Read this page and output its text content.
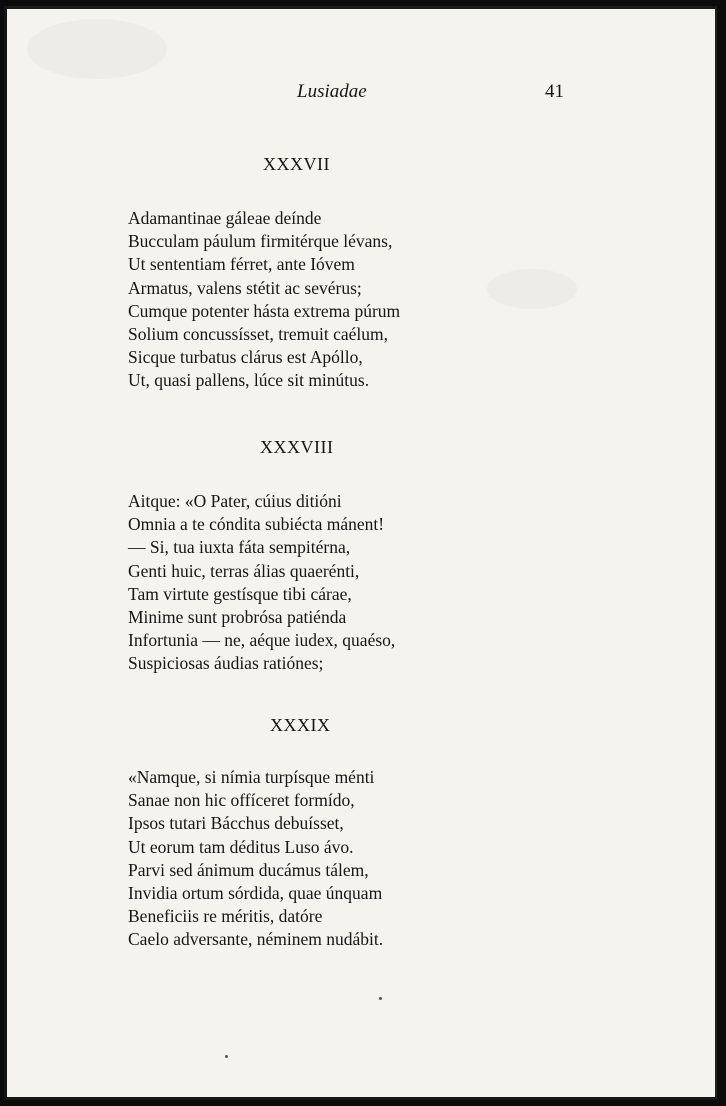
Lusiadae	41

XXXVII

Adamantinae gáleae deínde
Bucculam páulum firmitérque lévans,
Ut sententiam férret, ante Ióvem
Armatus, valens stétit ac sevérus;
Cumque potenter hásta extrema púrum
Solium concussísset, tremuit caélum,
Sicque turbatus clárus est Apóllo,
Ut, quasi pallens, lúce sit minútus.

XXXVIII

Aitque: «O Pater, cúius ditióni
Omnia a te cóndita subiécta mánent!
— Si, tua iuxta fáta sempitérna,
Genti huic, terras álias quaerénti,
Tam virtute gestísque tibi cárae,
Minime sunt probrósa patiénda
Infortunia — ne, aéque iudex, quaéso,
Suspiciosas áudias ratiónes;

XXXIX

«Namque, si nímia turpísque ménti
Sanae non hic offíceret formído,
Ipsos tutari Bácchus debuísset,
Ut eorum tam déditus Luso ávo.
Parvi sed ánimum ducámus tálem,
Invidia ortum sórdida, quae únquam
Beneficiis re méritis, datóre
Caelo adversante, néminem nudábit.
